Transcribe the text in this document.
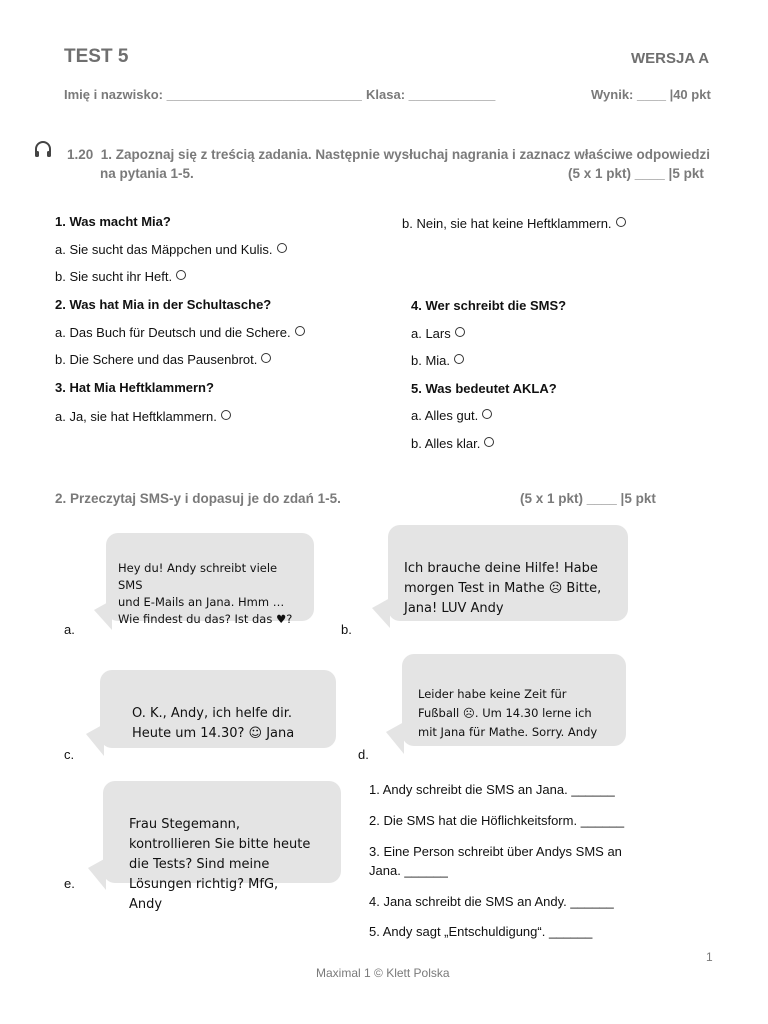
TEST 5	WERSJA A
Imię i nazwisko: ___________________________ Klasa: ____________	Wynik: ____ |40 pkt
1.20 1. Zapoznaj się z treścią zadania. Następnie wysłuchaj nagrania i zaznacz właściwe odpowiedzi
na pytania 1-5.	(5 x 1 pkt) ____ |5 pkt
1. Was macht Mia?
a. Sie sucht das Mäppchen und Kulis.
b. Sie sucht ihr Heft.
2. Was hat Mia in der Schultasche?
a. Das Buch für Deutsch und die Schere.
b. Die Schere und das Pausenbrot.
3. Hat Mia Heftklammern?
a. Ja, sie hat Heftklammern.
b. Nein, sie hat keine Heftklammern.
4. Wer schreibt die SMS?
a. Lars
b. Mia.
5. Was bedeutet AKLA?
a. Alles gut.
b. Alles klar.
2. Przeczytaj SMS-y i dopasuj je do zdań 1-5.	(5 x 1 pkt) ____ |5 pkt

Hey du! Andy schreibt viele SMS
und E-Mails an Jana. Hmm …
Wie findest du das? Ist das ♥?

a.

Ich brauche deine Hilfe! Habe
morgen Test in Mathe ☹ Bitte,
Jana! LUV Andy

b.

O. K., Andy, ich helfe dir.
Heute um 14.30? ☺ Jana

c.

Leider habe keine Zeit für
Fußball ☹. Um 14.30 lerne ich
mit Jana für Mathe. Sorry. Andy

d.

Frau Stegemann,
kontrollieren Sie bitte heute
die Tests? Sind meine
Lösungen richtig? MfG, Andy

e.
1. Andy schreibt die SMS an Jana. ______
2. Die SMS hat die Höflichkeitsform. ______
3. Eine Person schreibt über Andys SMS an
Jana. ______
4. Jana schreibt die SMS an Andy. ______
5. Andy sagt „Entschuldigung“. ______
1
Maximal 1 © Klett Polska
